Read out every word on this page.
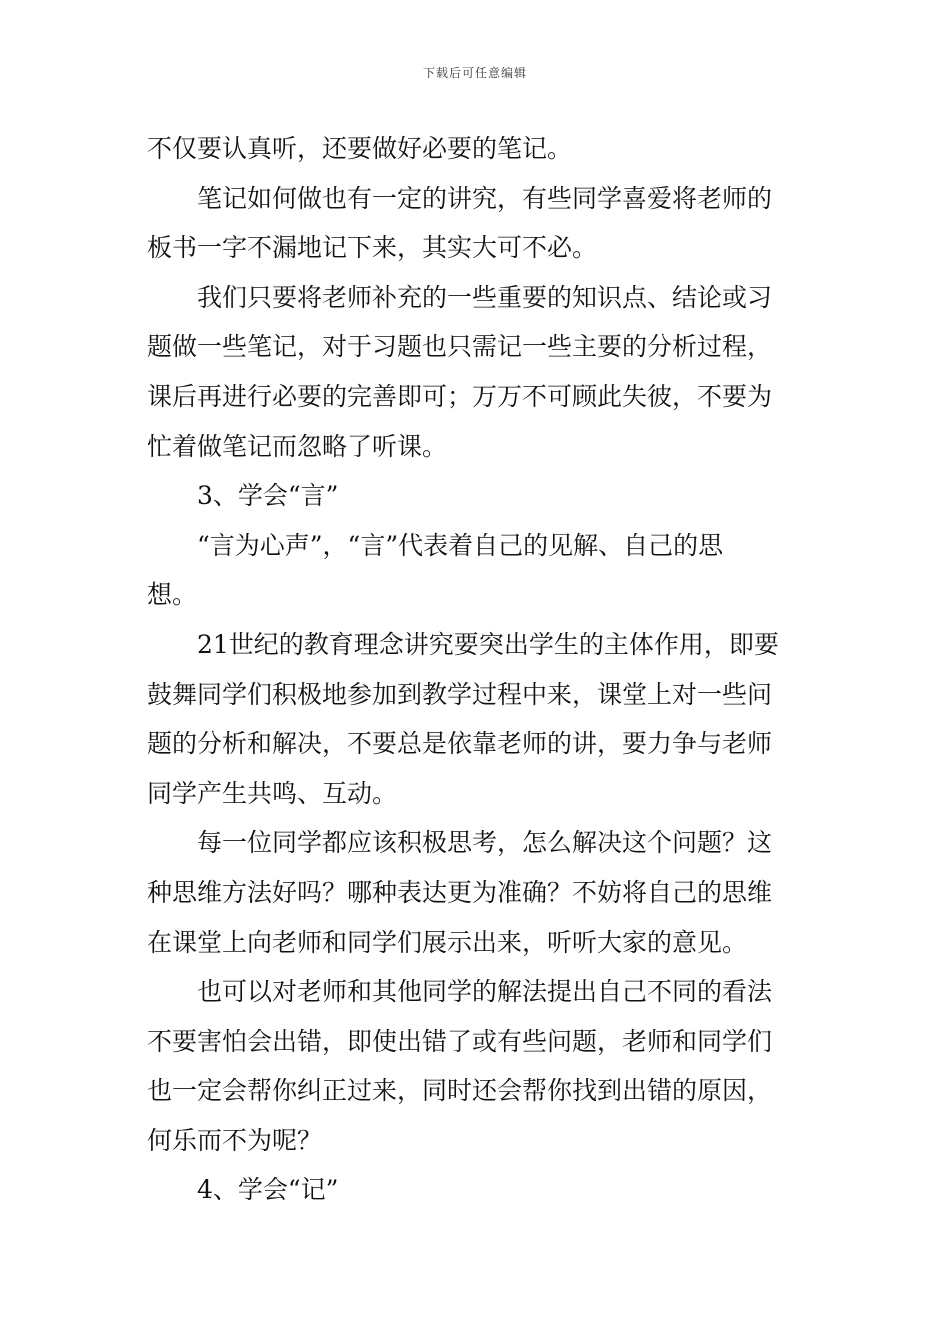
下载后可任意编辑
不仅要认真听，还要做好必要的笔记。
笔记如何做也有一定的讲究，有些同学喜爱将老师的
板书一字不漏地记下来，其实大可不必。
我们只要将老师补充的一些重要的知识点、结论或习
题做一些笔记，对于习题也只需记一些主要的分析过程，
课后再进行必要的完善即可；万万不可顾此失彼，不要为
忙着做笔记而忽略了听课。
3、学会“言”
“言为心声”，“言”代表着自己的见解、自己的思
想。
21世纪的教育理念讲究要突出学生的主体作用，即要
鼓舞同学们积极地参加到教学过程中来，课堂上对一些问
题的分析和解决，不要总是依靠老师的讲，要力争与老师
同学产生共鸣、互动。
每一位同学都应该积极思考，怎么解决这个问题？这
种思维方法好吗？哪种表达更为准确？不妨将自己的思维
在课堂上向老师和同学们展示出来，听听大家的意见。
也可以对老师和其他同学的解法提出自己不同的看法
不要害怕会出错，即使出错了或有些问题，老师和同学们
也一定会帮你纠正过来，同时还会帮你找到出错的原因，
何乐而不为呢？
4、学会“记”
